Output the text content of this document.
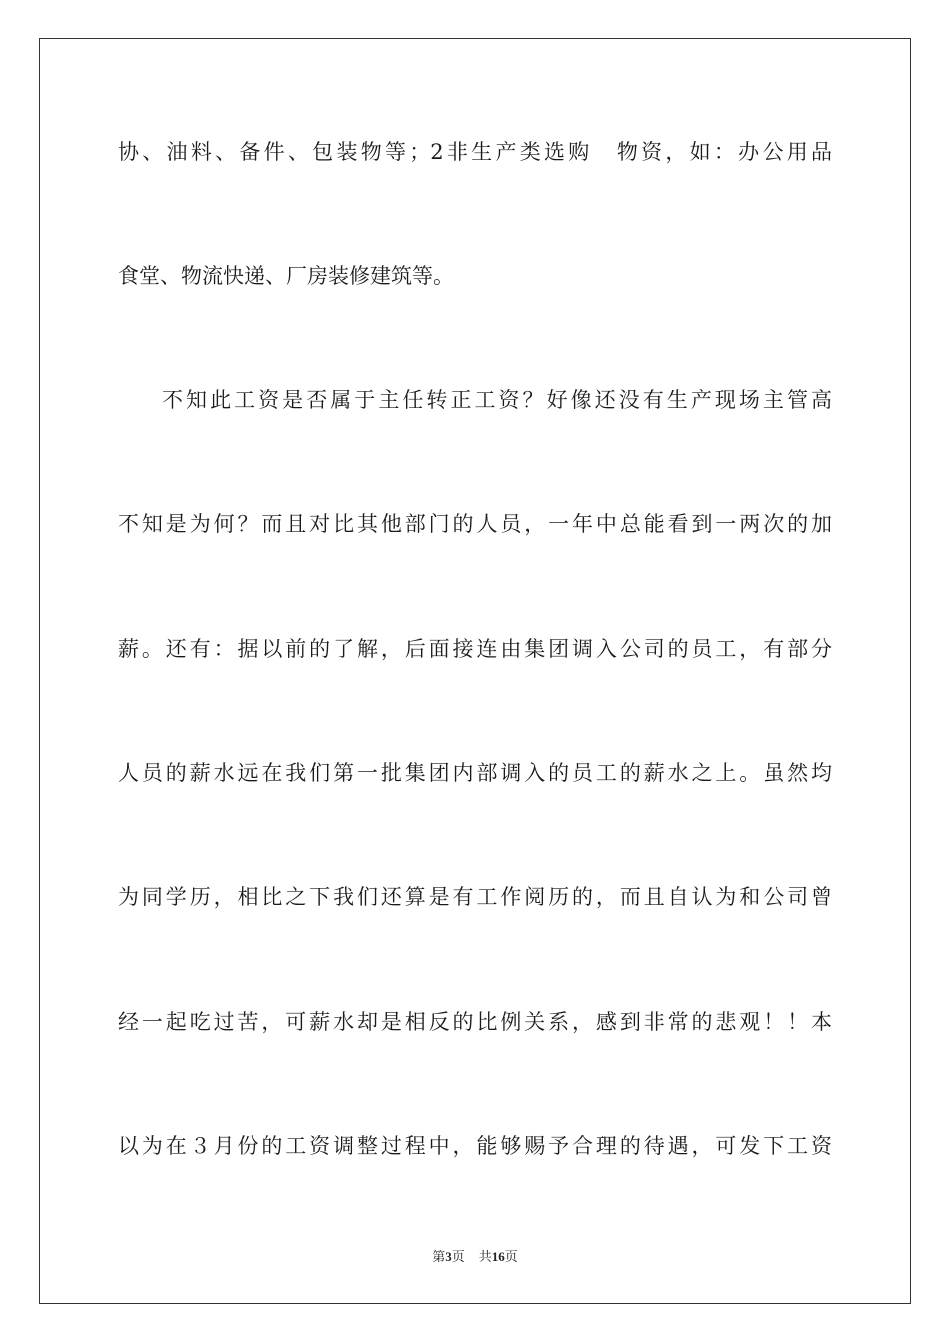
协、油料、备件、包装物等；2非生产类选购　物资，如：办公用品
食堂、物流快递、厂房装修建筑等。
不知此工资是否属于主任转正工资？好像还没有生产现场主管高
不知是为何？而且对比其他部门的人员，一年中总能看到一两次的加
薪。还有：据以前的了解，后面接连由集团调入公司的员工，有部分
人员的薪水远在我们第一批集团内部调入的员工的薪水之上。虽然均
为同学历，相比之下我们还算是有工作阅历的，而且自认为和公司曾
经一起吃过苦，可薪水却是相反的比例关系，感到非常的悲观！！本
以为在３月份的工资调整过程中，能够赐予合理的待遇，可发下工资
第3页 共16页
